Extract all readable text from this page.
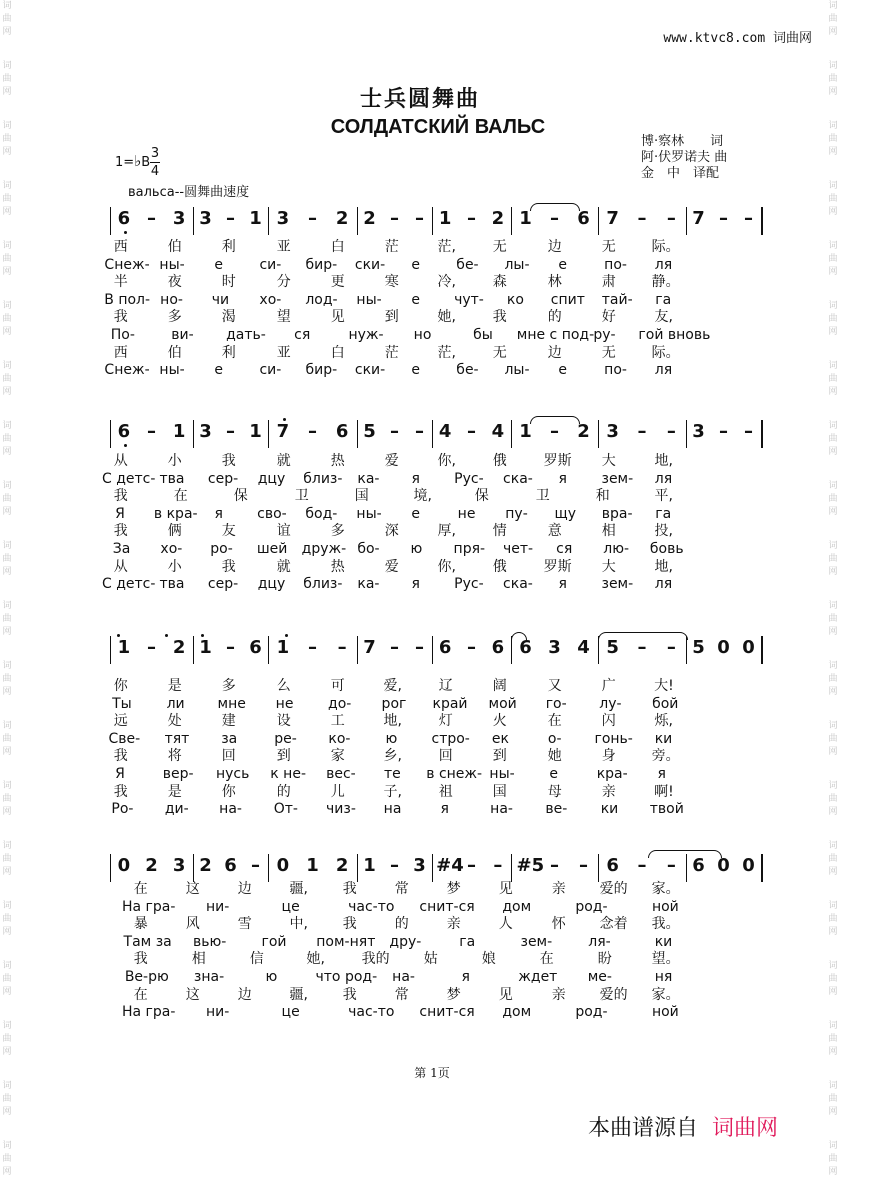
词
曲
网
词
曲
网
词
曲
网
词
曲
网
词
曲
网
词
曲
网
词
曲
网
词
曲
网
词
曲
网
词
曲
网
词
曲
网
词
曲
网
词
曲
网
词
曲
网
词
曲
网
词
曲
网
词
曲
网
词
曲
网
词
曲
网
词
曲
网
词
曲
网
词
曲
网
词
曲
网
词
曲
网
词
曲
网
词
曲
网
词
曲
网
词
曲
网
词
曲
网
词
曲
网
词
曲
网
词
曲
网
词
曲
网
词
曲
网
词
曲
网
词
曲
网
词
曲
网
词
曲
网
词
曲
网
词
曲
网
www.ktvc8.com 词曲网
士兵圆舞曲
СОЛДАТСКИЙ ВАЛЬС
博·察林　　词
阿·伏罗诺夫 曲
金　中　译配
1=♭B
3
4
вальса--圆舞曲速度
6 – 3 3 – 1 3 – 2 2 – – 1 – 2 1 – 6 7 – – 7 – –
西	伯	利	亚	白	茫	茫,	无	边	无	际。
Снеж- ны- е	си- бир- ски- е	бе- лы- е	по- ля
半	夜	时	分	更	寒	冷,	森	林	肃	静。
В пол- но- чи хо- лод- ны- е чут- ко спит тай- га
我	多	渴	望	见	到	她,	我	的	好	友,
По-	ви- дать- ся	нуж- но	бы мне с под- ру- гой вновь
西	伯	利	亚	白	茫	茫,	无	边	无	际。
Снеж- ны- е	си- бир- ски- е	бе- лы- е	по- ля
6 – 1 3 – 1 7 – 6 5 – – 4 – 4 1 – 2 3 – – 3 – –
从	小	我	就	热	爱	你,	俄	罗斯 大	地,
С детс- тва сер- дцу близ- ка- я Рус- ска- я зем- ля
我	在	保	卫	国	境,	保	卫	和	平,
Я в кра- я сво- бод- ны- е	не пу- щу вра- га
我	俩	友	谊	多	深	厚,	情	意	相	投,
За хо- ро- шей друж- бо- ю пря- чет- ся лю- бовь
从	小	我	就	热	爱	你,	俄	罗斯 大	地,
С детс- тва сер- дцу близ- ка- я Рус- ска- я зем- ля
1 – 2 1 – 6 1 – – 7 – – 6 – 6 6 3 4 5 – – 5 0 0
你	是	多	么	可	爱,	辽	阔	又	广	大!
Ты ли мне не до- рог край мой го- лу- бой
远	处	建	设	工	地,	灯	火	在	闪	烁,
Све- тят за	ре- ко-	ю стро- ек	о- гонь- ки
我	将	回	到	家	乡,	回	到	她	身	旁。
Я	вер- нусь к не- вес- те в снеж- ны- е	кра- я
我	是	你	的	儿	子,	祖	国	母	亲	啊!
Ро- ди- на- От- чиз- на	я	на- ве- ки твой
0 2 3 2 6 – 0 1 2 1 – 3 #4 – – #5 – – 6 – – 6 0 0
在	这	边	疆, 我	常	梦	见	亲 爱的 家。
На гра- ни-	це	час-то снит-ся дом	род-	ной
暴	风	雪	中, 我	的	亲	人	怀 念着 我。
Там за вью-	гой пом-нят дру-	га	зем-	ля-	ки
我	相	信	她,	我的 姑	娘	在	盼	望。
Ве-рю зна-	ю	что род- на-	я	ждет ме-	ня
在	这	边	疆, 我	常	梦	见	亲 爱的 家。
На гра- ни-	це	час-то снит-ся дом	род-	ной
第 1页
本曲谱源自 词曲网
